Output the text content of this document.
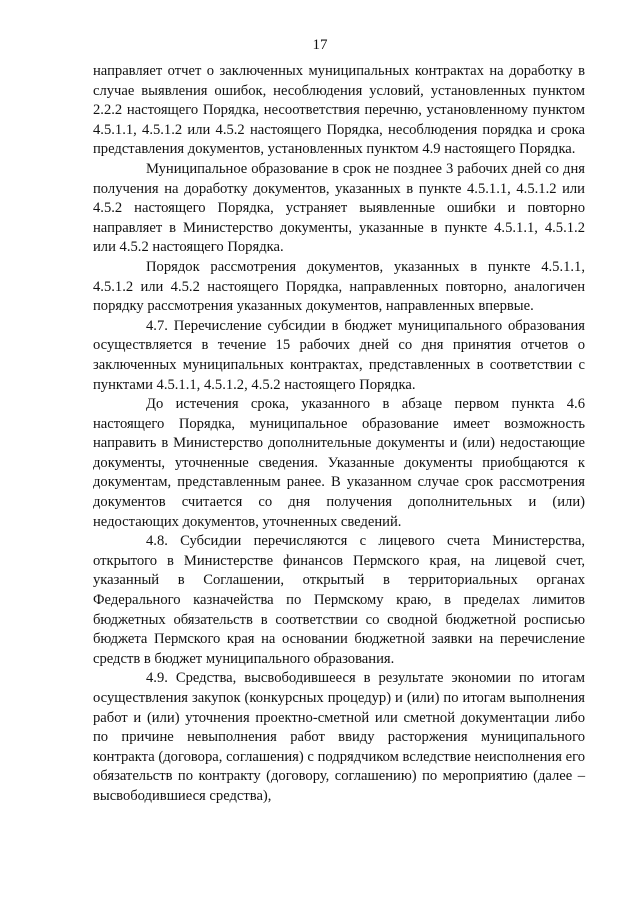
17

направляет отчет о заключенных муниципальных контрактах на доработку в случае выявления ошибок, несоблюдения условий, установленных пунктом 2.2.2 настоящего Порядка, несоответствия перечню, установленному пунктом 4.5.1.1, 4.5.1.2 или 4.5.2 настоящего Порядка, несоблюдения порядка и срока представления документов, установленных пунктом 4.9 настоящего Порядка.

Муниципальное образование в срок не позднее 3 рабочих дней со дня получения на доработку документов, указанных в пункте 4.5.1.1, 4.5.1.2 или 4.5.2 настоящего Порядка, устраняет выявленные ошибки и повторно направляет в Министерство документы, указанные в пункте 4.5.1.1, 4.5.1.2 или 4.5.2 настоящего Порядка.

Порядок рассмотрения документов, указанных в пункте 4.5.1.1, 4.5.1.2 или 4.5.2 настоящего Порядка, направленных повторно, аналогичен порядку рассмотрения указанных документов, направленных впервые.

4.7. Перечисление субсидии в бюджет муниципального образования осуществляется в течение 15 рабочих дней со дня принятия отчетов о заключенных муниципальных контрактах, представленных в соответствии с пунктами 4.5.1.1, 4.5.1.2, 4.5.2 настоящего Порядка.

До истечения срока, указанного в абзаце первом пункта 4.6 настоящего Порядка, муниципальное образование имеет возможность направить в Министерство дополнительные документы и (или) недостающие документы, уточненные сведения. Указанные документы приобщаются к документам, представленным ранее. В указанном случае срок рассмотрения документов считается со дня получения дополнительных и (или) недостающих документов, уточненных сведений.

4.8. Субсидии перечисляются с лицевого счета Министерства, открытого в Министерстве финансов Пермского края, на лицевой счет, указанный в Соглашении, открытый в территориальных органах Федерального казначейства по Пермскому краю, в пределах лимитов бюджетных обязательств в соответствии со сводной бюджетной росписью бюджета Пермского края на основании бюджетной заявки на перечисление средств в бюджет муниципального образования.

4.9. Средства, высвободившееся в результате экономии по итогам осуществления закупок (конкурсных процедур) и (или) по итогам выполнения работ и (или) уточнения проектно-сметной или сметной документации либо по причине невыполнения работ ввиду расторжения муниципального контракта (договора, соглашения) с подрядчиком вследствие неисполнения его обязательств по контракту (договору, соглашению) по мероприятию (далее – высвободившиеся средства),
